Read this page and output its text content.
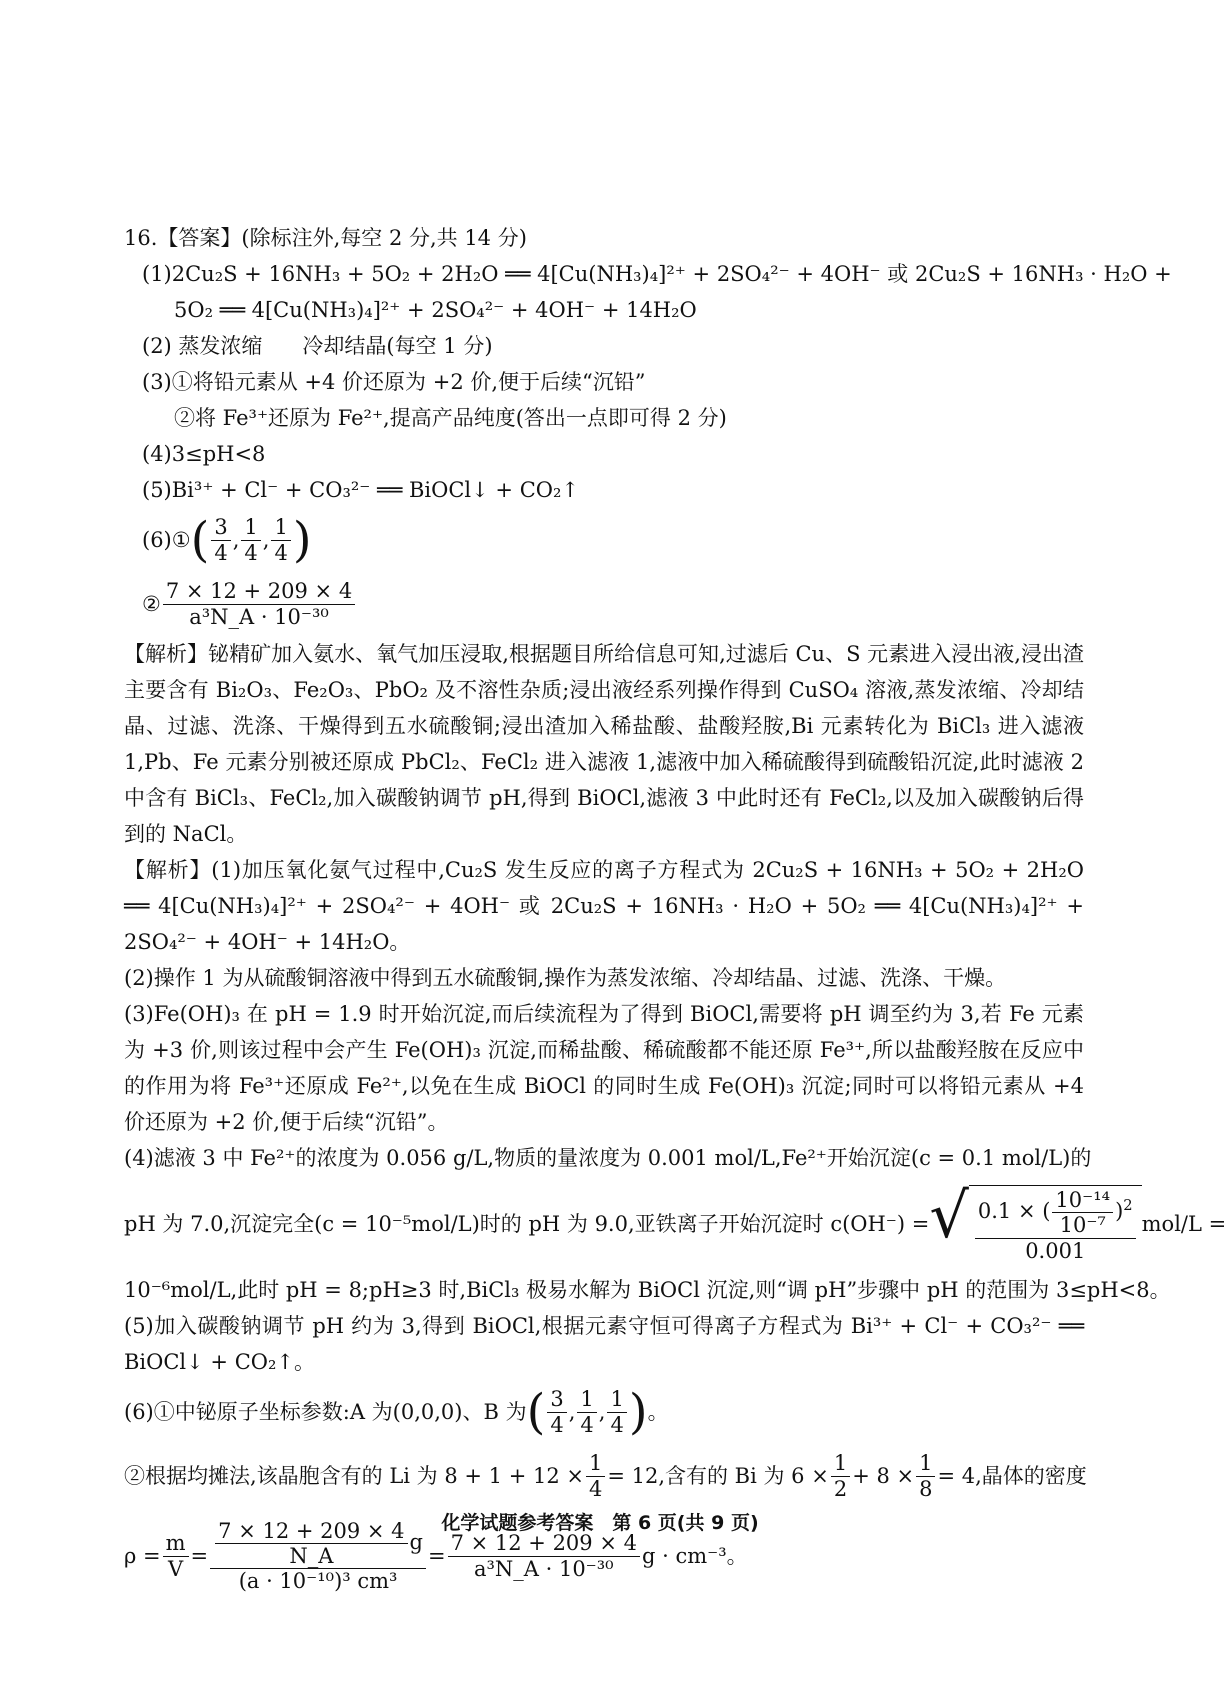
16.【答案】(除标注外,每空 2 分,共 14 分)
(1)2Cu₂S + 16NH₃ + 5O₂ + 2H₂O ══ 4[Cu(NH₃)₄]²⁺ + 2SO₄²⁻ + 4OH⁻ 或 2Cu₂S + 16NH₃ · H₂O +
5O₂ ══ 4[Cu(NH₃)₄]²⁺ + 2SO₄²⁻ + 4OH⁻ + 14H₂O
(2) 蒸发浓缩 冷却结晶(每空 1 分)
(3)①将铅元素从 +4 价还原为 +2 价,便于后续“沉铅”
②将 Fe³⁺还原为 Fe²⁺,提高产品纯度(答出一点即可得 2 分)
(4)3≤pH<8
(5)Bi³⁺ + Cl⁻ + CO₃²⁻ ══ BiOCl↓ + CO₂↑
(6)① ( $\frac{3}{4}$ , $\frac{1}{4}$ , $\frac{1}{4}$ )
② $\frac{7 \times 12 + 209 \times 4}{\text{a³N\_A · 10⁻³⁰}}$
【解析】铋精矿加入氨水、氧气加压浸取,根据题目所给信息可知,过滤后 Cu、S 元素进入浸出液,浸出渣主要含有 Bi₂O₃、Fe₂O₃、PbO₂ 及不溶性杂质;浸出液经系列操作得到 CuSO₄ 溶液,蒸发浓缩、冷却结晶、过滤、洗涤、干燥得到五水硫酸铜;浸出渣加入稀盐酸、盐酸羟胺,Bi 元素转化为 BiCl₃ 进入滤液 1,Pb、Fe 元素分别被还原成 PbCl₂、FeCl₂ 进入滤液 1,滤液中加入稀硫酸得到硫酸铅沉淀,此时滤液 2 中含有 BiCl₃、FeCl₂,加入碳酸钠调节 pH,得到 BiOCl,滤液 3 中此时还有 FeCl₂,以及加入碳酸钠后得到的 NaCl。
【解析】(1)加压氧化氨气过程中,Cu₂S 发生反应的离子方程式为 2Cu₂S + 16NH₃ + 5O₂ + 2H₂O ══ 4[Cu(NH₃)₄]²⁺ + 2SO₄²⁻ + 4OH⁻ 或 2Cu₂S + 16NH₃ · H₂O + 5O₂ ══ 4[Cu(NH₃)₄]²⁺ + 2SO₄²⁻ + 4OH⁻ + 14H₂O。
(2)操作 1 为从硫酸铜溶液中得到五水硫酸铜,操作为蒸发浓缩、冷却结晶、过滤、洗涤、干燥。
(3)Fe(OH)₃ 在 pH = 1.9 时开始沉淀,而后续流程为了得到 BiOCl,需要将 pH 调至约为 3,若 Fe 元素为 +3 价,则该过程中会产生 Fe(OH)₃ 沉淀,而稀盐酸、稀硫酸都不能还原 Fe³⁺,所以盐酸羟胺在反应中的作用为将 Fe³⁺还原成 Fe²⁺,以免在生成 BiOCl 的同时生成 Fe(OH)₃ 沉淀;同时可以将铅元素从 +4 价还原为 +2 价,便于后续“沉铅”。
(4)滤液 3 中 Fe²⁺的浓度为 0.056 g/L,物质的量浓度为 0.001 mol/L,Fe²⁺开始沉淀(c = 0.1 mol/L)的
pH 为 7.0,沉淀完全(c = 10⁻⁵mol/L)时的 pH 为 9.0,亚铁离子开始沉淀时 c(OH⁻) = √ $\frac{0.1 \times ( \frac{\text{10⁻¹⁴}}{\text{10⁻⁷}} )^2}{0.001} mol/L$ =
10⁻⁶mol/L,此时 pH = 8;pH≥3 时,BiCl₃ 极易水解为 BiOCl 沉淀,则“调 pH”步骤中 pH 的范围为 3≤pH<8。
(5)加入碳酸钠调节 pH 约为 3,得到 BiOCl,根据元素守恒可得离子方程式为 Bi³⁺ + Cl⁻ + CO₃²⁻ ══ BiOCl↓ + CO₂↑。
(6)①中铋原子坐标参数:A 为(0,0,0)、B 为 ( $\frac{3}{4}$ , $\frac{1}{4}$ , $\frac{1}{4}$ ) 。
②根据均摊法,该晶胞含有的 Li 为 $8 + 1 + 12 \times \frac{1}{4} = 12$,含有的 Bi 为 $6 \times \frac{1}{2} + 8 \times \frac{1}{8} = 4$,晶体的密度
$\rho = \frac{m}{V} = \frac{\frac{7 \times 12 + 209 \times 4}{N\_A} g}{\text{(a · 10⁻¹⁰)³ cm³}} = \frac{7 \times 12 + 209 \times 4}{\text{a³N\_A · 10⁻³⁰}}$ g · cm⁻³。
化学试题参考答案　第 6 页(共 9 页)
